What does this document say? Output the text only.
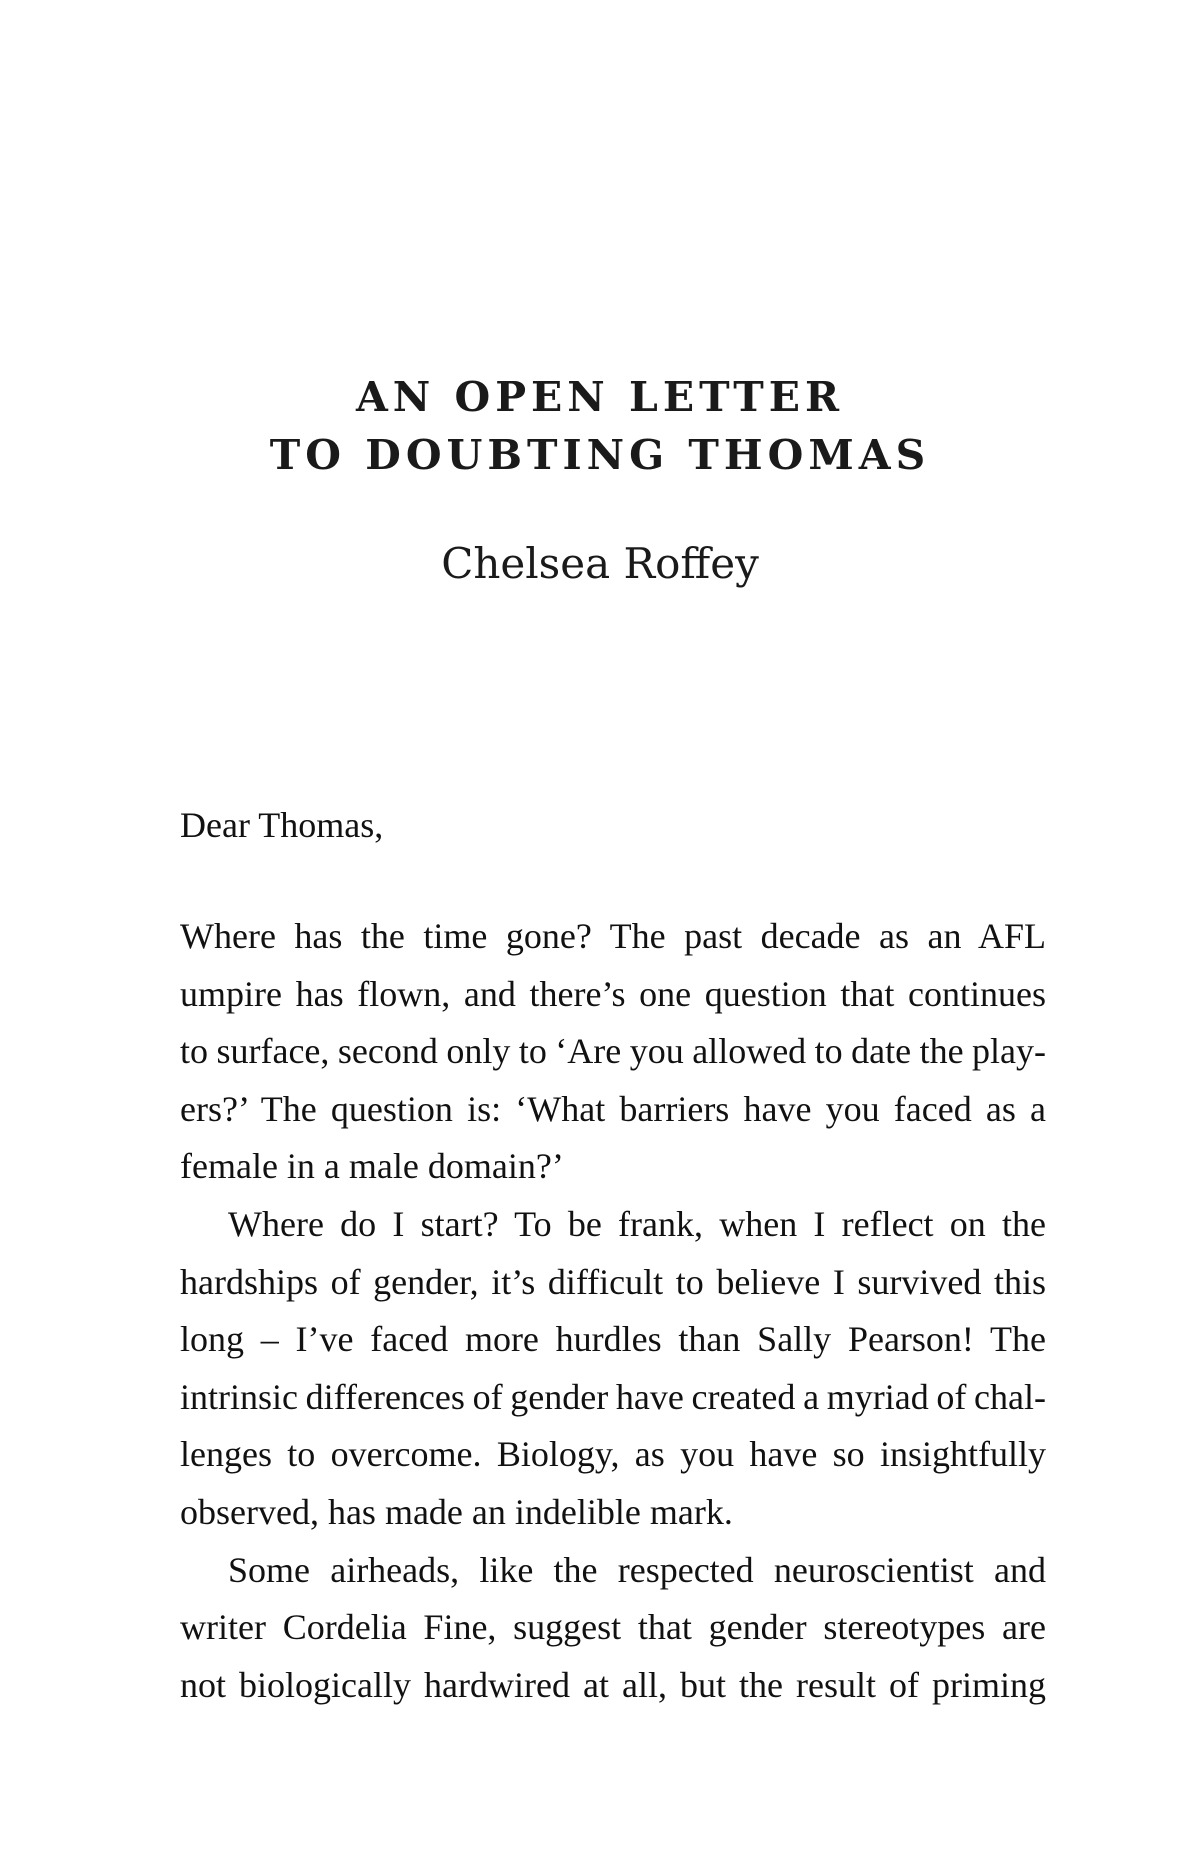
AN OPEN LETTER
TO DOUBTING THOMAS
Chelsea Roffey

Dear Thomas,

Where has the time gone? The past decade as an AFL
umpire has flown, and there’s one question that continues
to surface, second only to ‘Are you allowed to date the play-
ers?’ The question is: ‘What barriers have you faced as a
female in a male domain?’
Where do I start? To be frank, when I reflect on the
hardships of gender, it’s difficult to believe I survived this
long – I’ve faced more hurdles than Sally Pearson! The
intrinsic differences of gender have created a myriad of chal-
lenges to overcome. Biology, as you have so insightfully
observed, has made an indelible mark.
Some airheads, like the respected neuroscientist and
writer Cordelia Fine, suggest that gender stereotypes are
not biologically hardwired at all, but the result of priming
